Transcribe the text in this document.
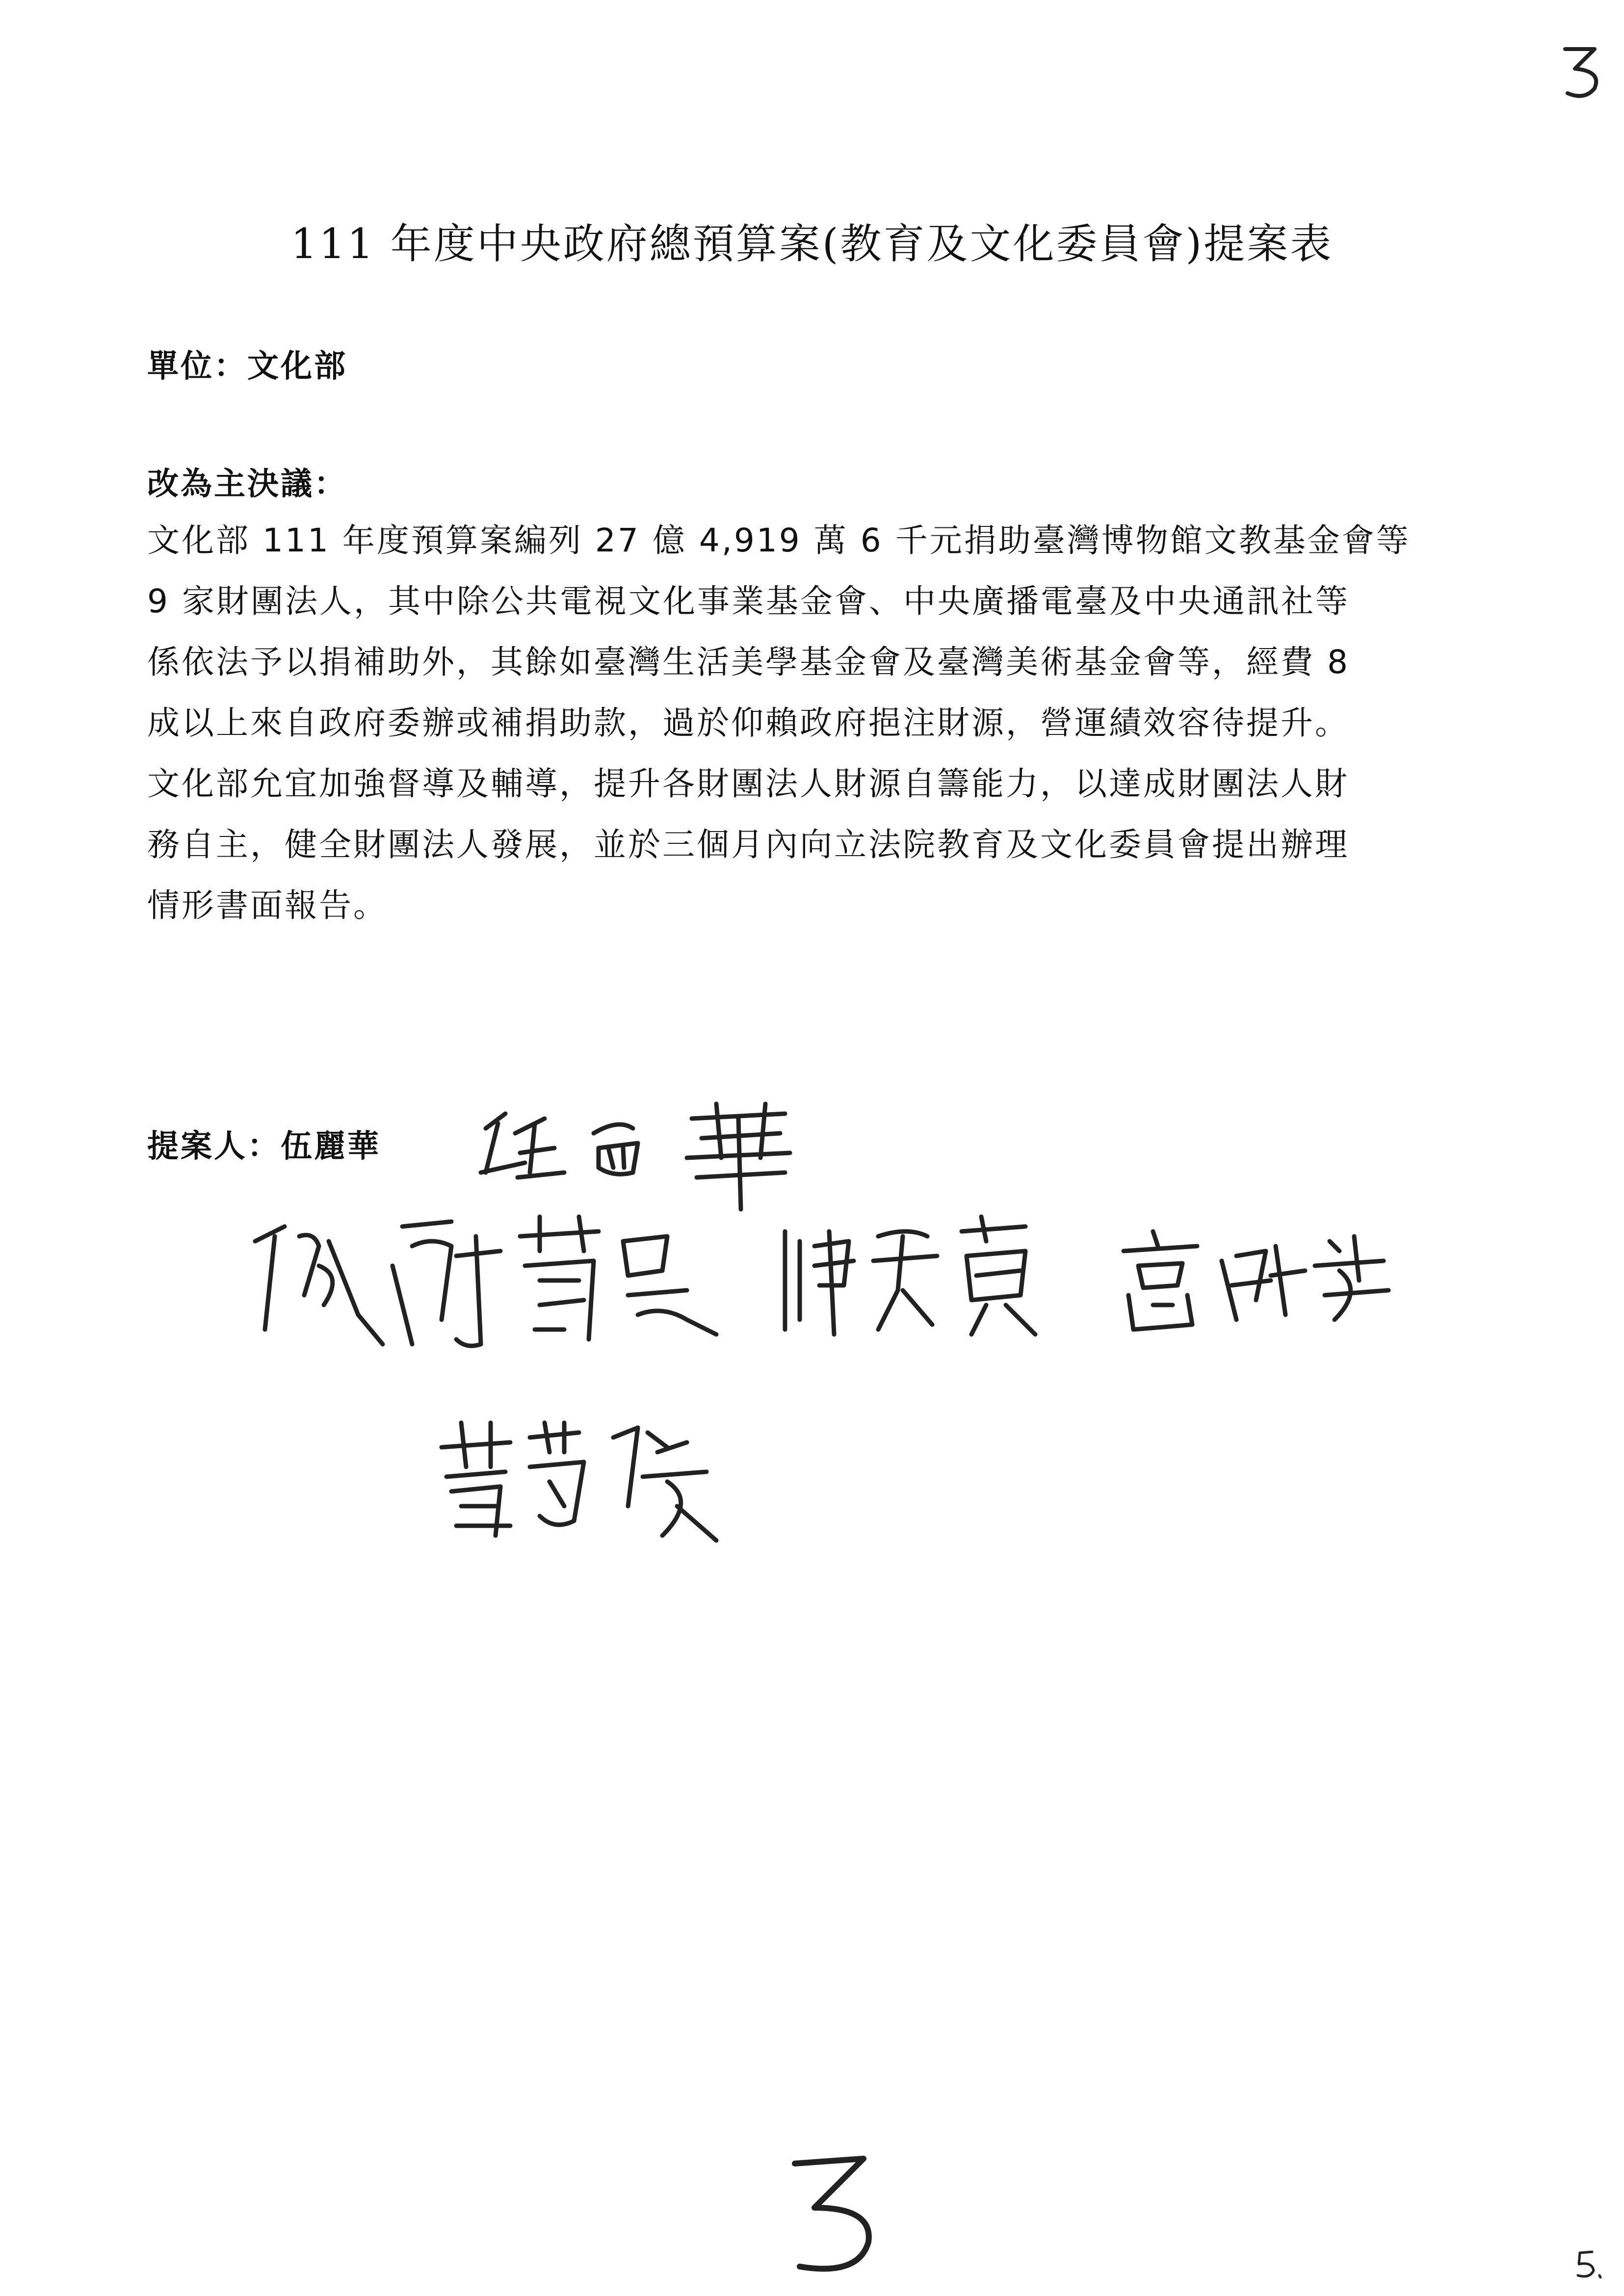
111 年度中央政府總預算案(教育及文化委員會)提案表
單位：文化部
改為主決議：
文化部 111 年度預算案編列 27 億 4,919 萬 6 千元捐助臺灣博物館文教基金會等
9 家財團法人，其中除公共電視文化事業基金會、中央廣播電臺及中央通訊社等
係依法予以捐補助外，其餘如臺灣生活美學基金會及臺灣美術基金會等，經費 8
成以上來自政府委辦或補捐助款，過於仰賴政府挹注財源，營運績效容待提升。
文化部允宜加強督導及輔導，提升各財團法人財源自籌能力，以達成財團法人財
務自主，健全財團法人發展，並於三個月內向立法院教育及文化委員會提出辦理
情形書面報告。
提案人：伍麗華
